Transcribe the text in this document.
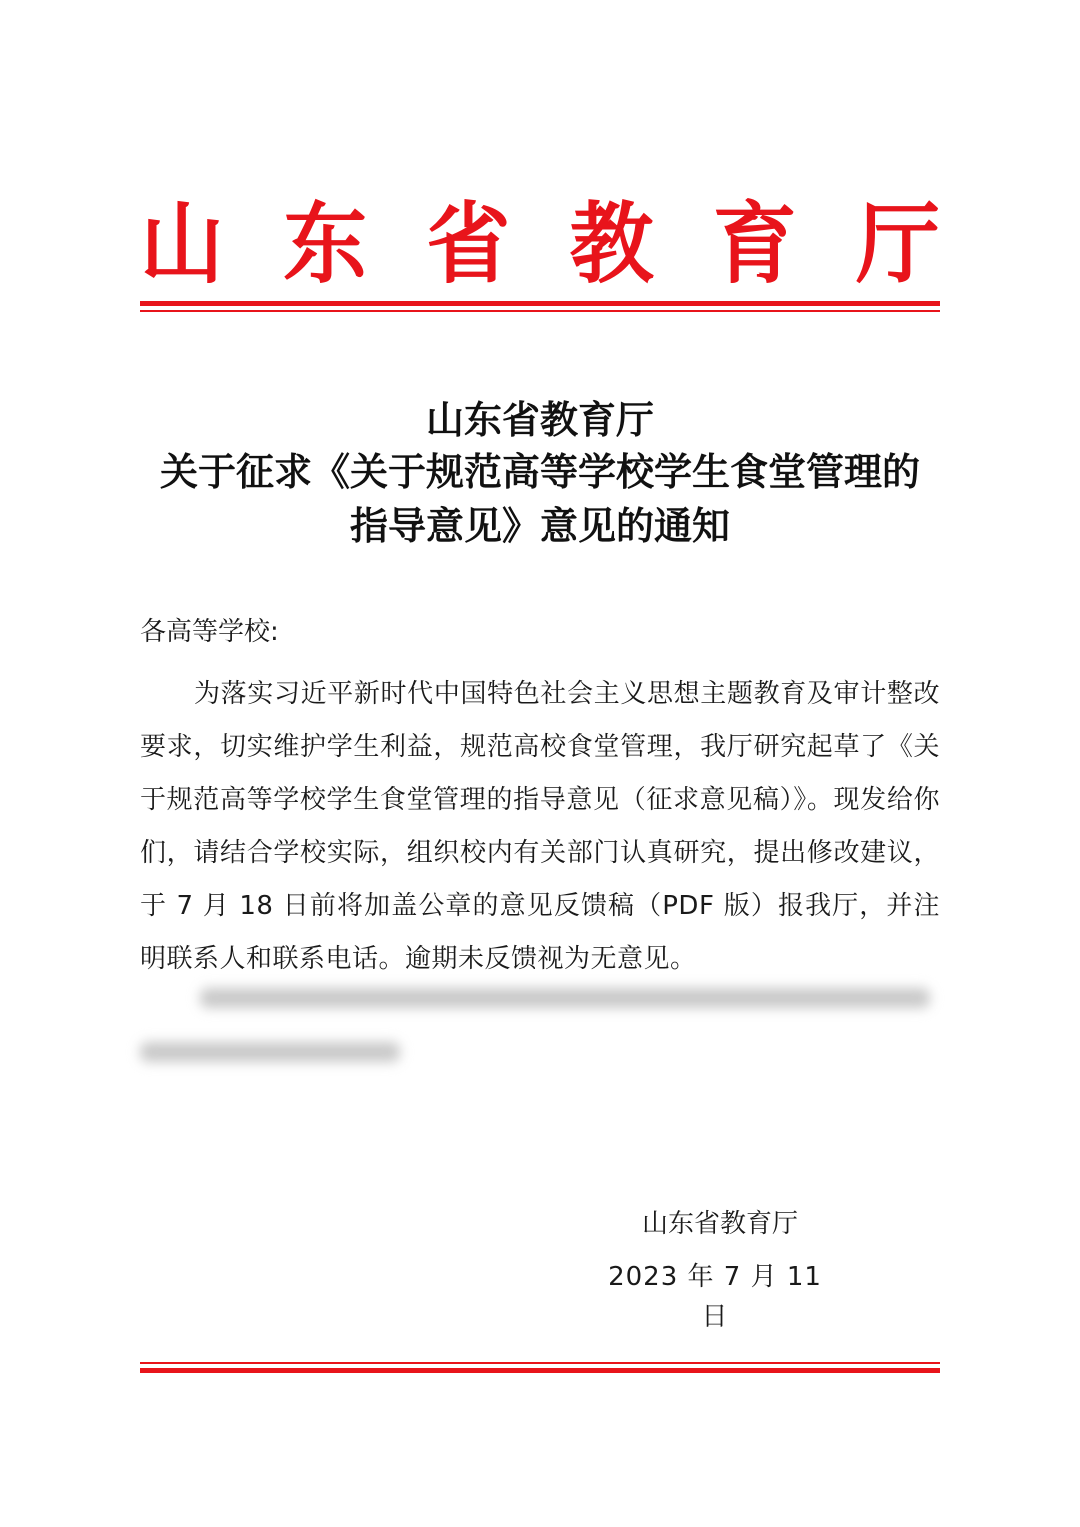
山 东 省 教 育 厅
山东省教育厅
关于征求《关于规范高等学校学生食堂管理的
指导意见》意见的通知
各高等学校:
为落实习近平新时代中国特色社会主义思想主题教育及审计整改要求，切实维护学生利益，规范高校食堂管理，我厅研究起草了《关于规范高等学校学生食堂管理的指导意见（征求意见稿）》。现发给你们，请结合学校实际，组织校内有关部门认真研究，提出修改建议，于 7 月 18 日前将加盖公章的意见反馈稿（PDF 版）报我厅，并注明联系人和联系电话。逾期未反馈视为无意见。
山东省教育厅
2023 年 7 月 11 日
